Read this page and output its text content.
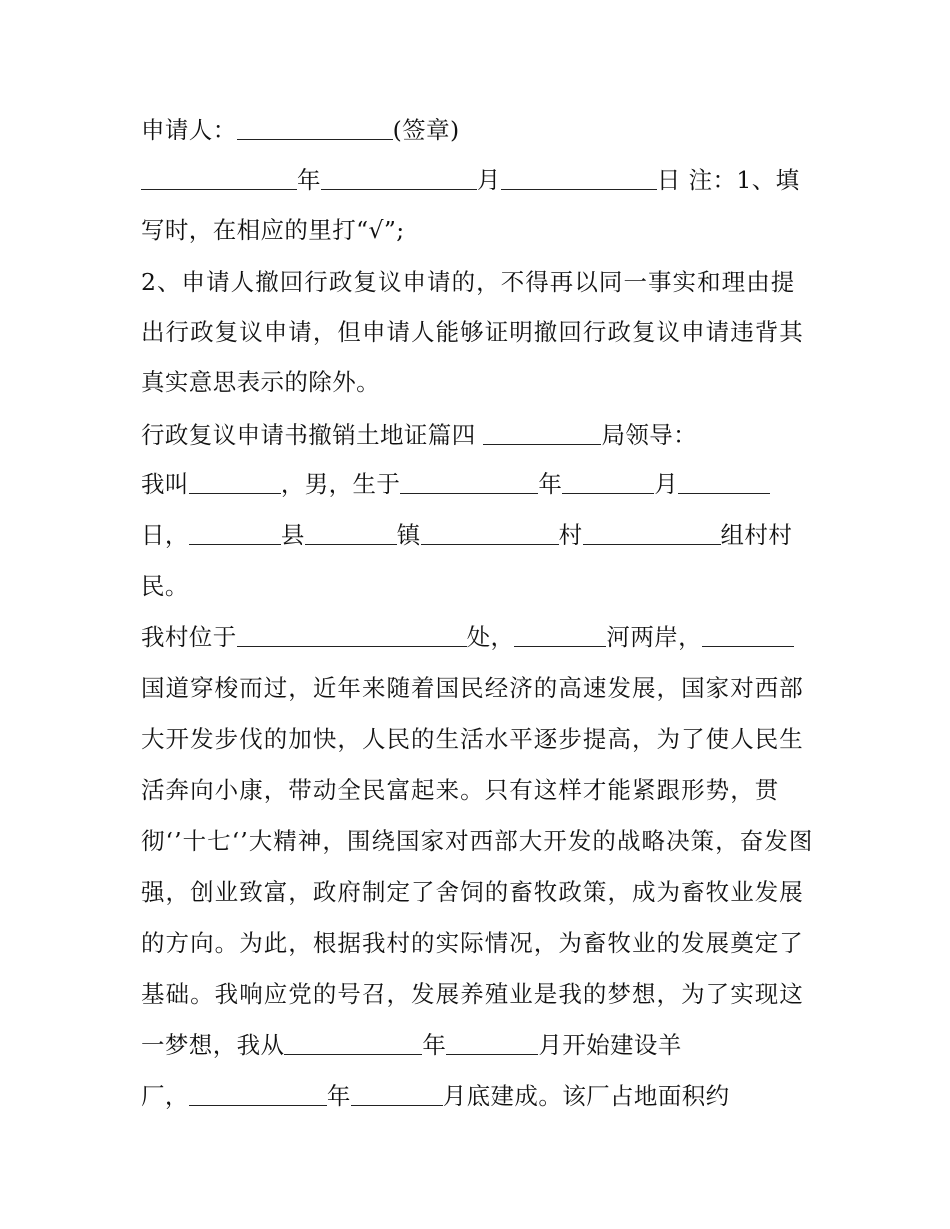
申请人：	(签章)
年	月	日 注：1、填
写时，在相应的里打“√”;
2、申请人撤回行政复议申请的，不得再以同一事实和理由提
出行政复议申请，但申请人能够证明撤回行政复议申请违背其
真实意思表示的除外。
行政复议申请书撤销土地证篇四	局领导：
我叫	，男，生于	年	月
日，	县	镇	村	组村村
民。
我村位于	处，	河两岸，
国道穿梭而过，近年来随着国民经济的高速发展，国家对西部
大开发步伐的加快，人民的生活水平逐步提高，为了使人民生
活奔向小康，带动全民富起来。只有这样才能紧跟形势，贯
彻‘’十七‘’大精神，围绕国家对西部大开发的战略决策，奋发图
强，创业致富，政府制定了舍饲的畜牧政策，成为畜牧业发展
的方向。为此，根据我村的实际情况，为畜牧业的发展奠定了
基础。我响应党的号召，发展养殖业是我的梦想，为了实现这
一梦想，我从	年	月开始建设羊
厂，	年	月底建成。该厂占地面积约
